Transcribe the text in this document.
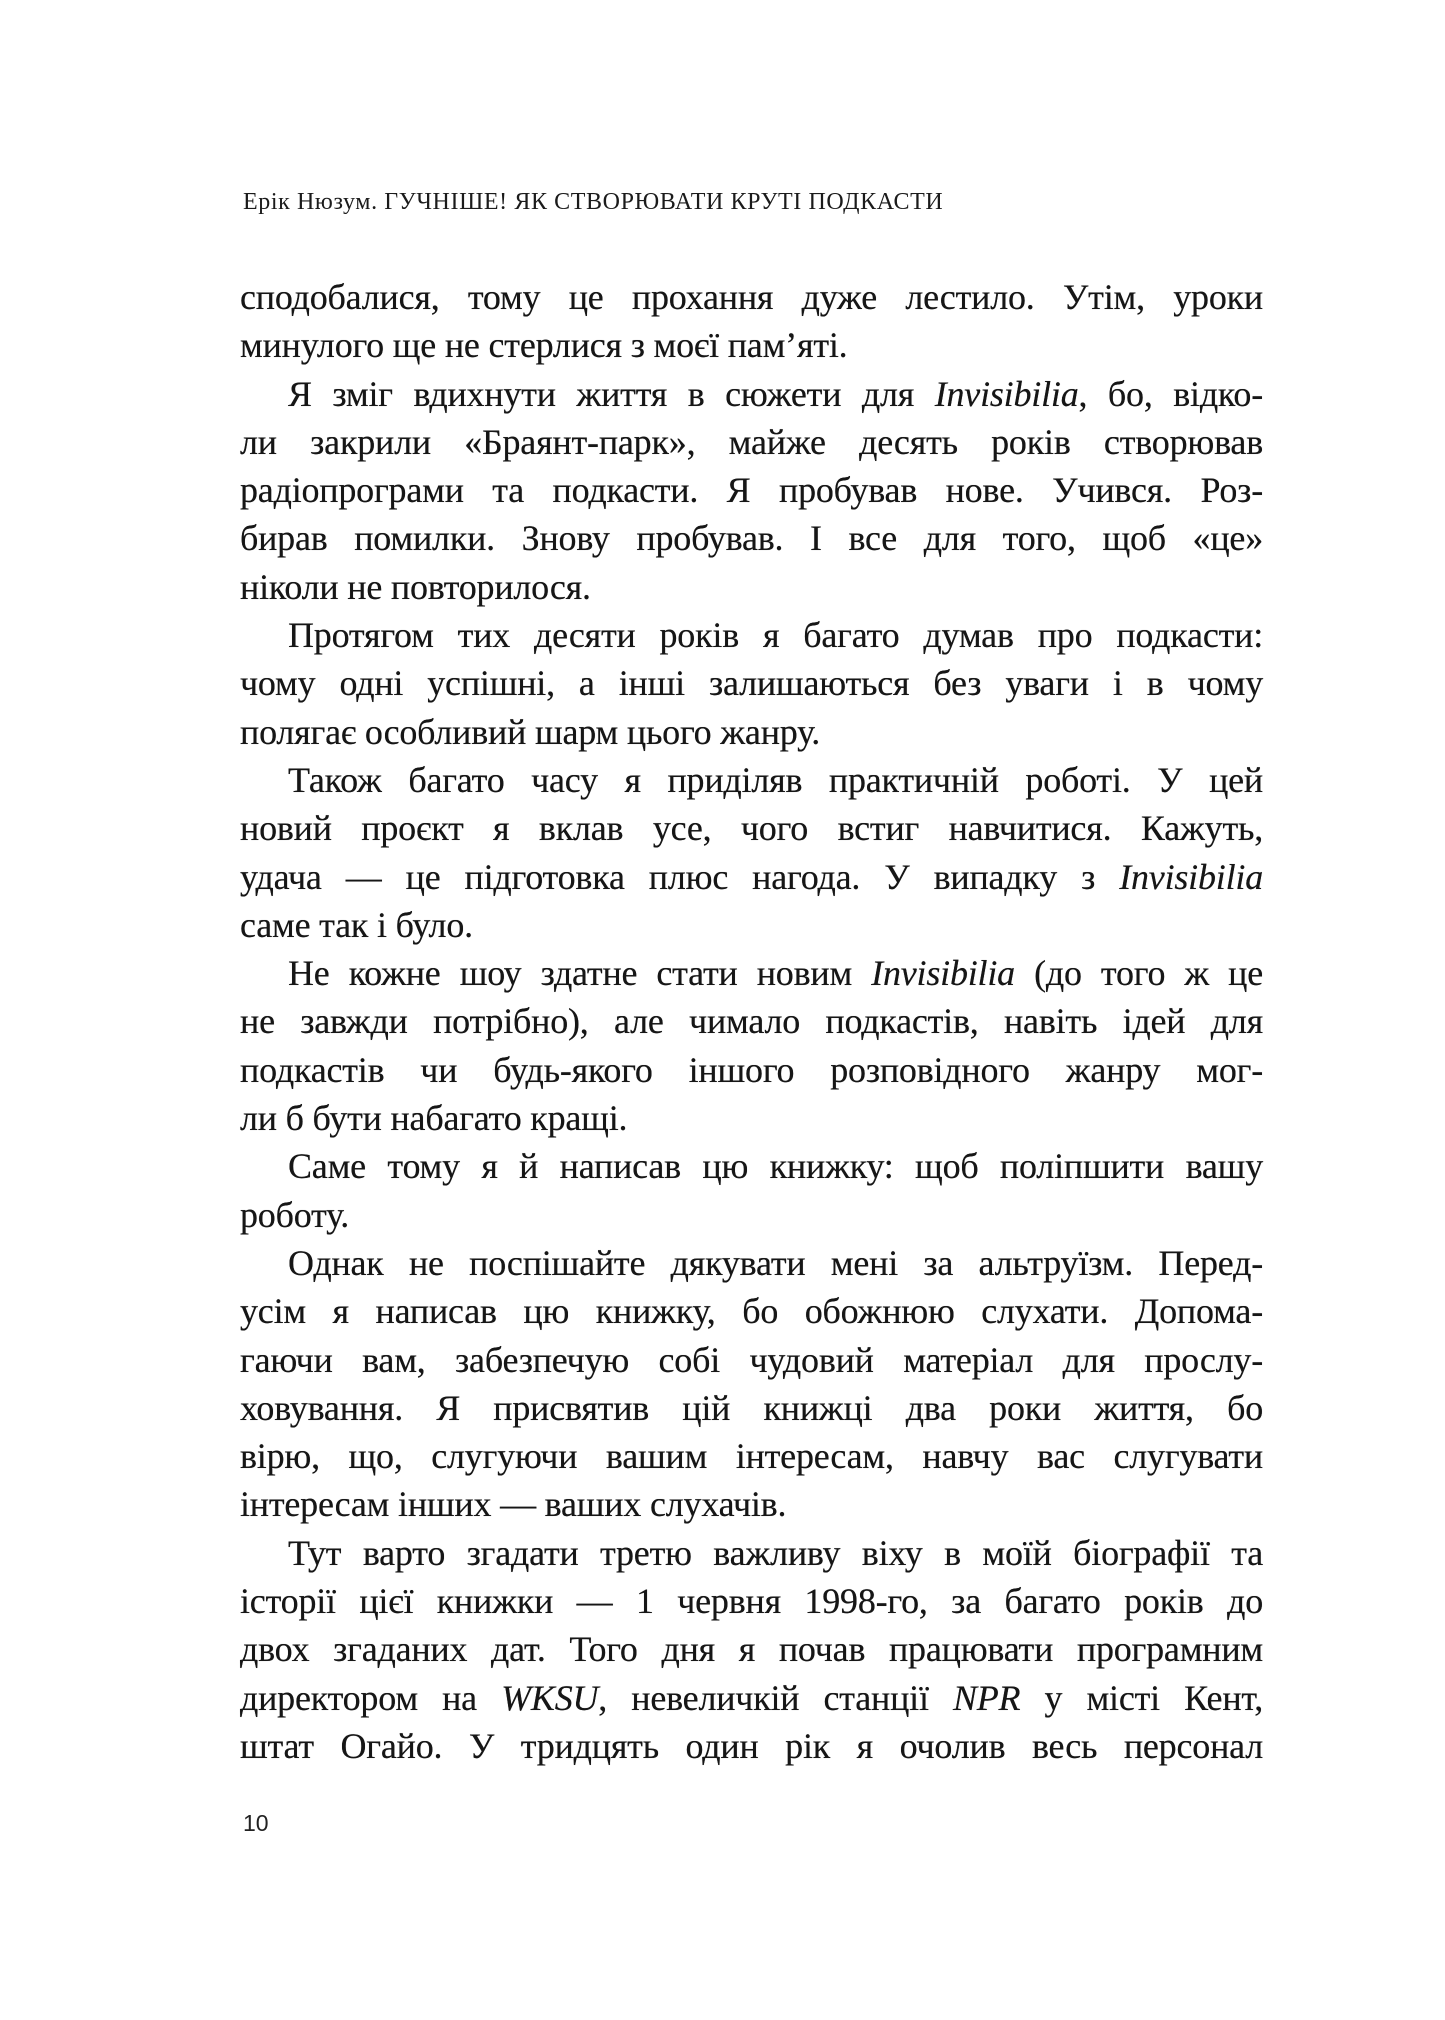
Ерік Нюзум. ГУЧНІШЕ! ЯК СТВОРЮВАТИ КРУТІ ПОДКАСТИ
сподобалися, тому це прохання дуже лестило. Утім, уроки
минулого ще не стерлися з моєї пам’яті.
Я зміг вдихнути життя в сюжети для Invisibilia, бо, відко-
ли закрили «Браянт-парк», майже десять років створював
радіопрограми та подкасти. Я пробував нове. Учився. Роз-
бирав помилки. Знову пробував. І все для того, щоб «це»
ніколи не повторилося.
Протягом тих десяти років я багато думав про подкасти:
чому одні успішні, а інші залишаються без уваги і в чому
полягає особливий шарм цього жанру.
Також багато часу я приділяв практичній роботі. У цей
новий проєкт я вклав усе, чого встиг навчитися. Кажуть,
удача — це підготовка плюс нагода. У випадку з Invisibilia
саме так і було.
Не кожне шоу здатне стати новим Invisibilia (до того ж це
не завжди потрібно), але чимало подкастів, навіть ідей для
подкастів чи будь-якого іншого розповідного жанру мог-
ли б бути набагато кращі.
Саме тому я й написав цю книжку: щоб поліпшити вашу
роботу.
Однак не поспішайте дякувати мені за альтруїзм. Перед-
усім я написав цю книжку, бо обожнюю слухати. Допома-
гаючи вам, забезпечую собі чудовий матеріал для прослу-
ховування. Я присвятив цій книжці два роки життя, бо
вірю, що, слугуючи вашим інтересам, навчу вас слугувати
інтересам інших — ваших слухачів.
Тут варто згадати третю важливу віху в моїй біографії та
історії цієї книжки — 1 червня 1998-го, за багато років до
двох згаданих дат. Того дня я почав працювати програмним
директором на WKSU, невеличкій станції NPR у місті Кент,
штат Огайо. У тридцять один рік я очолив весь персонал
10
